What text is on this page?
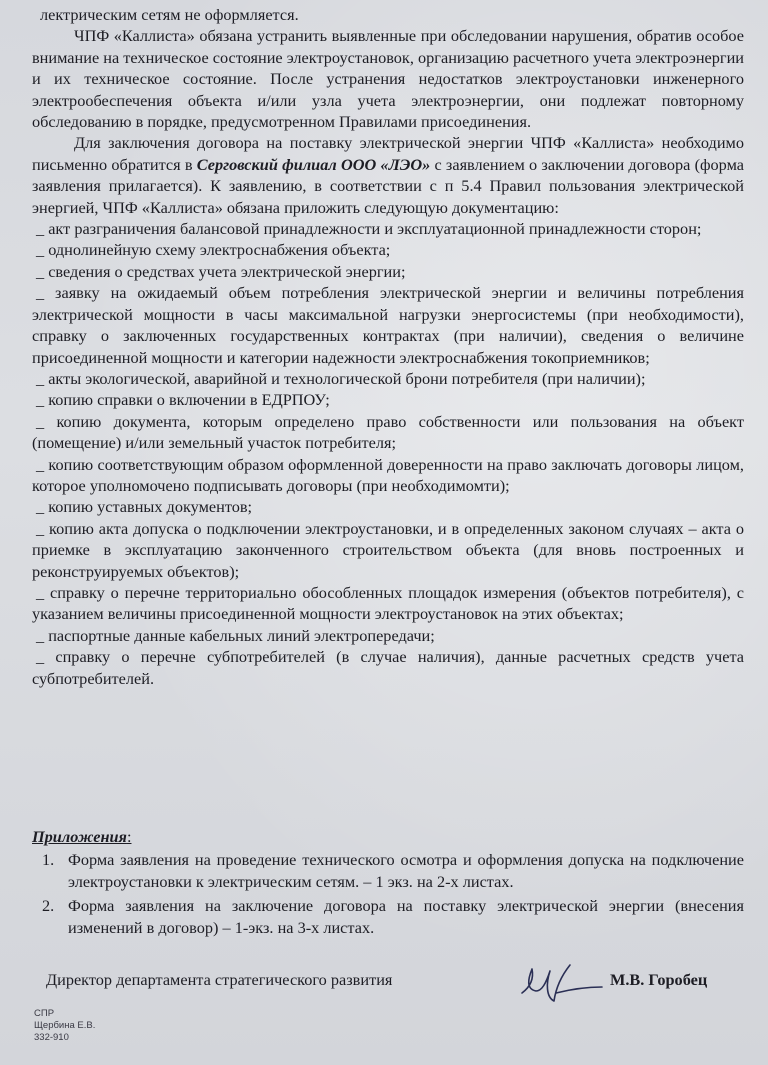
лектрическим сетям не оформляется.

ЧПФ «Каллиста» обязана устранить выявленные при обследовании нарушения, обратив особое внимание на техническое состояние электроустановок, организацию расчетного учета электроэнергии и их техническое состояние. После устранения недостатков электроустановки инженерного электрообеспечения объекта и/или узла учета электроэнергии, они подлежат повторному обследованию в порядке, предусмотренном Правилами присоединения.

Для заключения договора на поставку электрической энергии ЧПФ «Каллиста» необходимо письменно обратится в Серговский филиал ООО «ЛЭО» с заявлением о заключении договора (форма заявления прилагается). К заявлению, в соответствии с п 5.4 Правил пользования электрической энергией, ЧПФ «Каллиста» обязана приложить следующую документацию:

_ акт разграничения балансовой принадлежности и эксплуатационной принадлежности сторон;

_ однолинейную схему электроснабжения объекта;

_ сведения о средствах учета электрической энергии;

_ заявку на ожидаемый объем потребления электрической энергии и величины потребления электрической мощности в часы максимальной нагрузки энергосистемы (при необходимости), справку о заключенных государственных контрактах (при наличии), сведения о величине присоединенной мощности и категории надежности электроснабжения токоприемников;

_ акты экологической, аварийной и технологической брони потребителя (при наличии);

_ копию справки о включении в ЕДРПОУ;

_ копию документа, которым определено право собственности или пользования на объект (помещение) и/или земельный участок потребителя;

_ копию соответствующим образом оформленной доверенности на право заключать договоры лицом, которое уполномочено подписывать договоры (при необходимомти);

_ копию уставных документов;

_ копию акта допуска о подключении электроустановки, и в определенных законом случаях – акта о приемке в эксплуатацию законченного строительством объекта (для вновь построенных и реконструируемых объектов);

_ справку о перечне территориально обособленных площадок измерения (объектов потребителя), с указанием величины присоединенной мощности электроустановок на этих объектах;

_ паспортные данные кабельных линий электропередачи;

_ справку о перечне субпотребителей (в случае наличия), данные расчетных средств учета субпотребителей.

Приложения:

1. Форма заявления на проведение технического осмотра и оформления допуска на подключение электроустановки к электрическим сетям. – 1 экз. на 2-х листах.
2. Форма заявления на заключение договора на поставку электрической энергии (внесения изменений в договор) – 1-экз. на 3-х листах.
Директор департамента стратегического развития	М.В. Горобец
СПР
Щербина Е.В.
332-910
